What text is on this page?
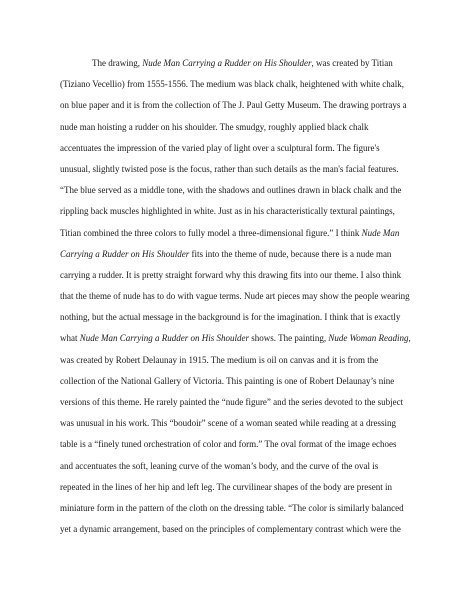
The drawing, Nude Man Carrying a Rudder on His Shoulder, was created by Titian
(Tiziano Vecellio) from 1555-1556. The medium was black chalk, heightened with white chalk,
on blue paper and it is from the collection of The J. Paul Getty Museum. The drawing portrays a
nude man hoisting a rudder on his shoulder. The smudgy, roughly applied black chalk
accentuates the impression of the varied play of light over a sculptural form. The figure's
unusual, slightly twisted pose is the focus, rather than such details as the man's facial features.
“The blue served as a middle tone, with the shadows and outlines drawn in black chalk and the
rippling back muscles highlighted in white. Just as in his characteristically textural paintings,
Titian combined the three colors to fully model a three-dimensional figure.” I think Nude Man
Carrying a Rudder on His Shoulder fits into the theme of nude, because there is a nude man
carrying a rudder. It is pretty straight forward why this drawing fits into our theme. I also think
that the theme of nude has to do with vague terms. Nude art pieces may show the people wearing
nothing, but the actual message in the background is for the imagination. I think that is exactly
what Nude Man Carrying a Rudder on His Shoulder shows. The painting, Nude Woman Reading,
was created by Robert Delaunay in 1915. The medium is oil on canvas and it is from the
collection of the National Gallery of Victoria. This painting is one of Robert Delaunay’s nine
versions of this theme. He rarely painted the “nude figure” and the series devoted to the subject
was unusual in his work. This “boudoir” scene of a woman seated while reading at a dressing
table is a “finely tuned orchestration of color and form.” The oval format of the image echoes
and accentuates the soft, leaning curve of the woman’s body, and the curve of the oval is
repeated in the lines of her hip and left leg. The curvilinear shapes of the body are present in
miniature form in the pattern of the cloth on the dressing table. “The color is similarly balanced
yet a dynamic arrangement, based on the principles of complementary contrast which were the
